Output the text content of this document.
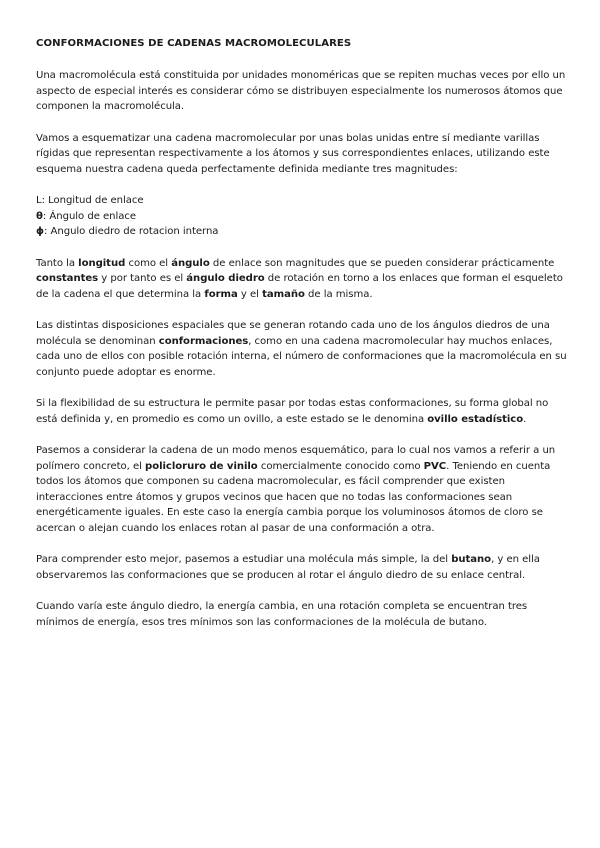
CONFORMACIONES DE CADENAS MACROMOLECULARES

Una macromolécula está constituida por unidades monoméricas que se repiten muchas veces por ello un aspecto de especial interés es considerar cómo se distribuyen especialmente los numerosos átomos que componen la macromolécula.

Vamos a esquematizar una cadena macromolecular por unas bolas unidas entre sí mediante varillas rígidas que representan respectivamente a los átomos y sus correspondientes enlaces, utilizando este esquema nuestra cadena queda perfectamente definida mediante tres magnitudes:

L: Longitud de enlace
θ: Ángulo de enlace
ɸ: Angulo diedro de rotacion interna

Tanto la longitud como el ángulo de enlace son magnitudes que se pueden considerar prácticamente constantes y por tanto es el ángulo diedro de rotación en torno a los enlaces que forman el esqueleto de la cadena el que determina la forma y el tamaño de la misma.

Las distintas disposiciones espaciales que se generan rotando cada uno de los ángulos diedros de una molécula se denominan conformaciones, como en una cadena macromolecular hay muchos enlaces, cada uno de ellos con posible rotación interna, el número de conformaciones que la macromolécula en su conjunto puede adoptar es enorme.

Si la flexibilidad de su estructura le permite pasar por todas estas conformaciones, su forma global no está definida y, en promedio es como un ovillo, a este estado se le denomina ovillo estadístico.

Pasemos a considerar la cadena de un modo menos esquemático, para lo cual nos vamos a referir a un polímero concreto, el policloruro de vinilo comercialmente conocido como PVC. Teniendo en cuenta todos los átomos que componen su cadena macromolecular, es fácil comprender que existen interacciones entre átomos y grupos vecinos que hacen que no todas las conformaciones sean energéticamente iguales. En este caso la energía cambia porque los voluminosos átomos de cloro se acercan o alejan cuando los enlaces rotan al pasar de una conformación a otra.

Para comprender esto mejor, pasemos a estudiar una molécula más simple, la del butano, y en ella observaremos las conformaciones que se producen al rotar el ángulo diedro de su enlace central.

Cuando varía este ángulo diedro, la energía cambia, en una rotación completa se encuentran tres mínimos de energía, esos tres mínimos son las conformaciones de la molécula de butano.
